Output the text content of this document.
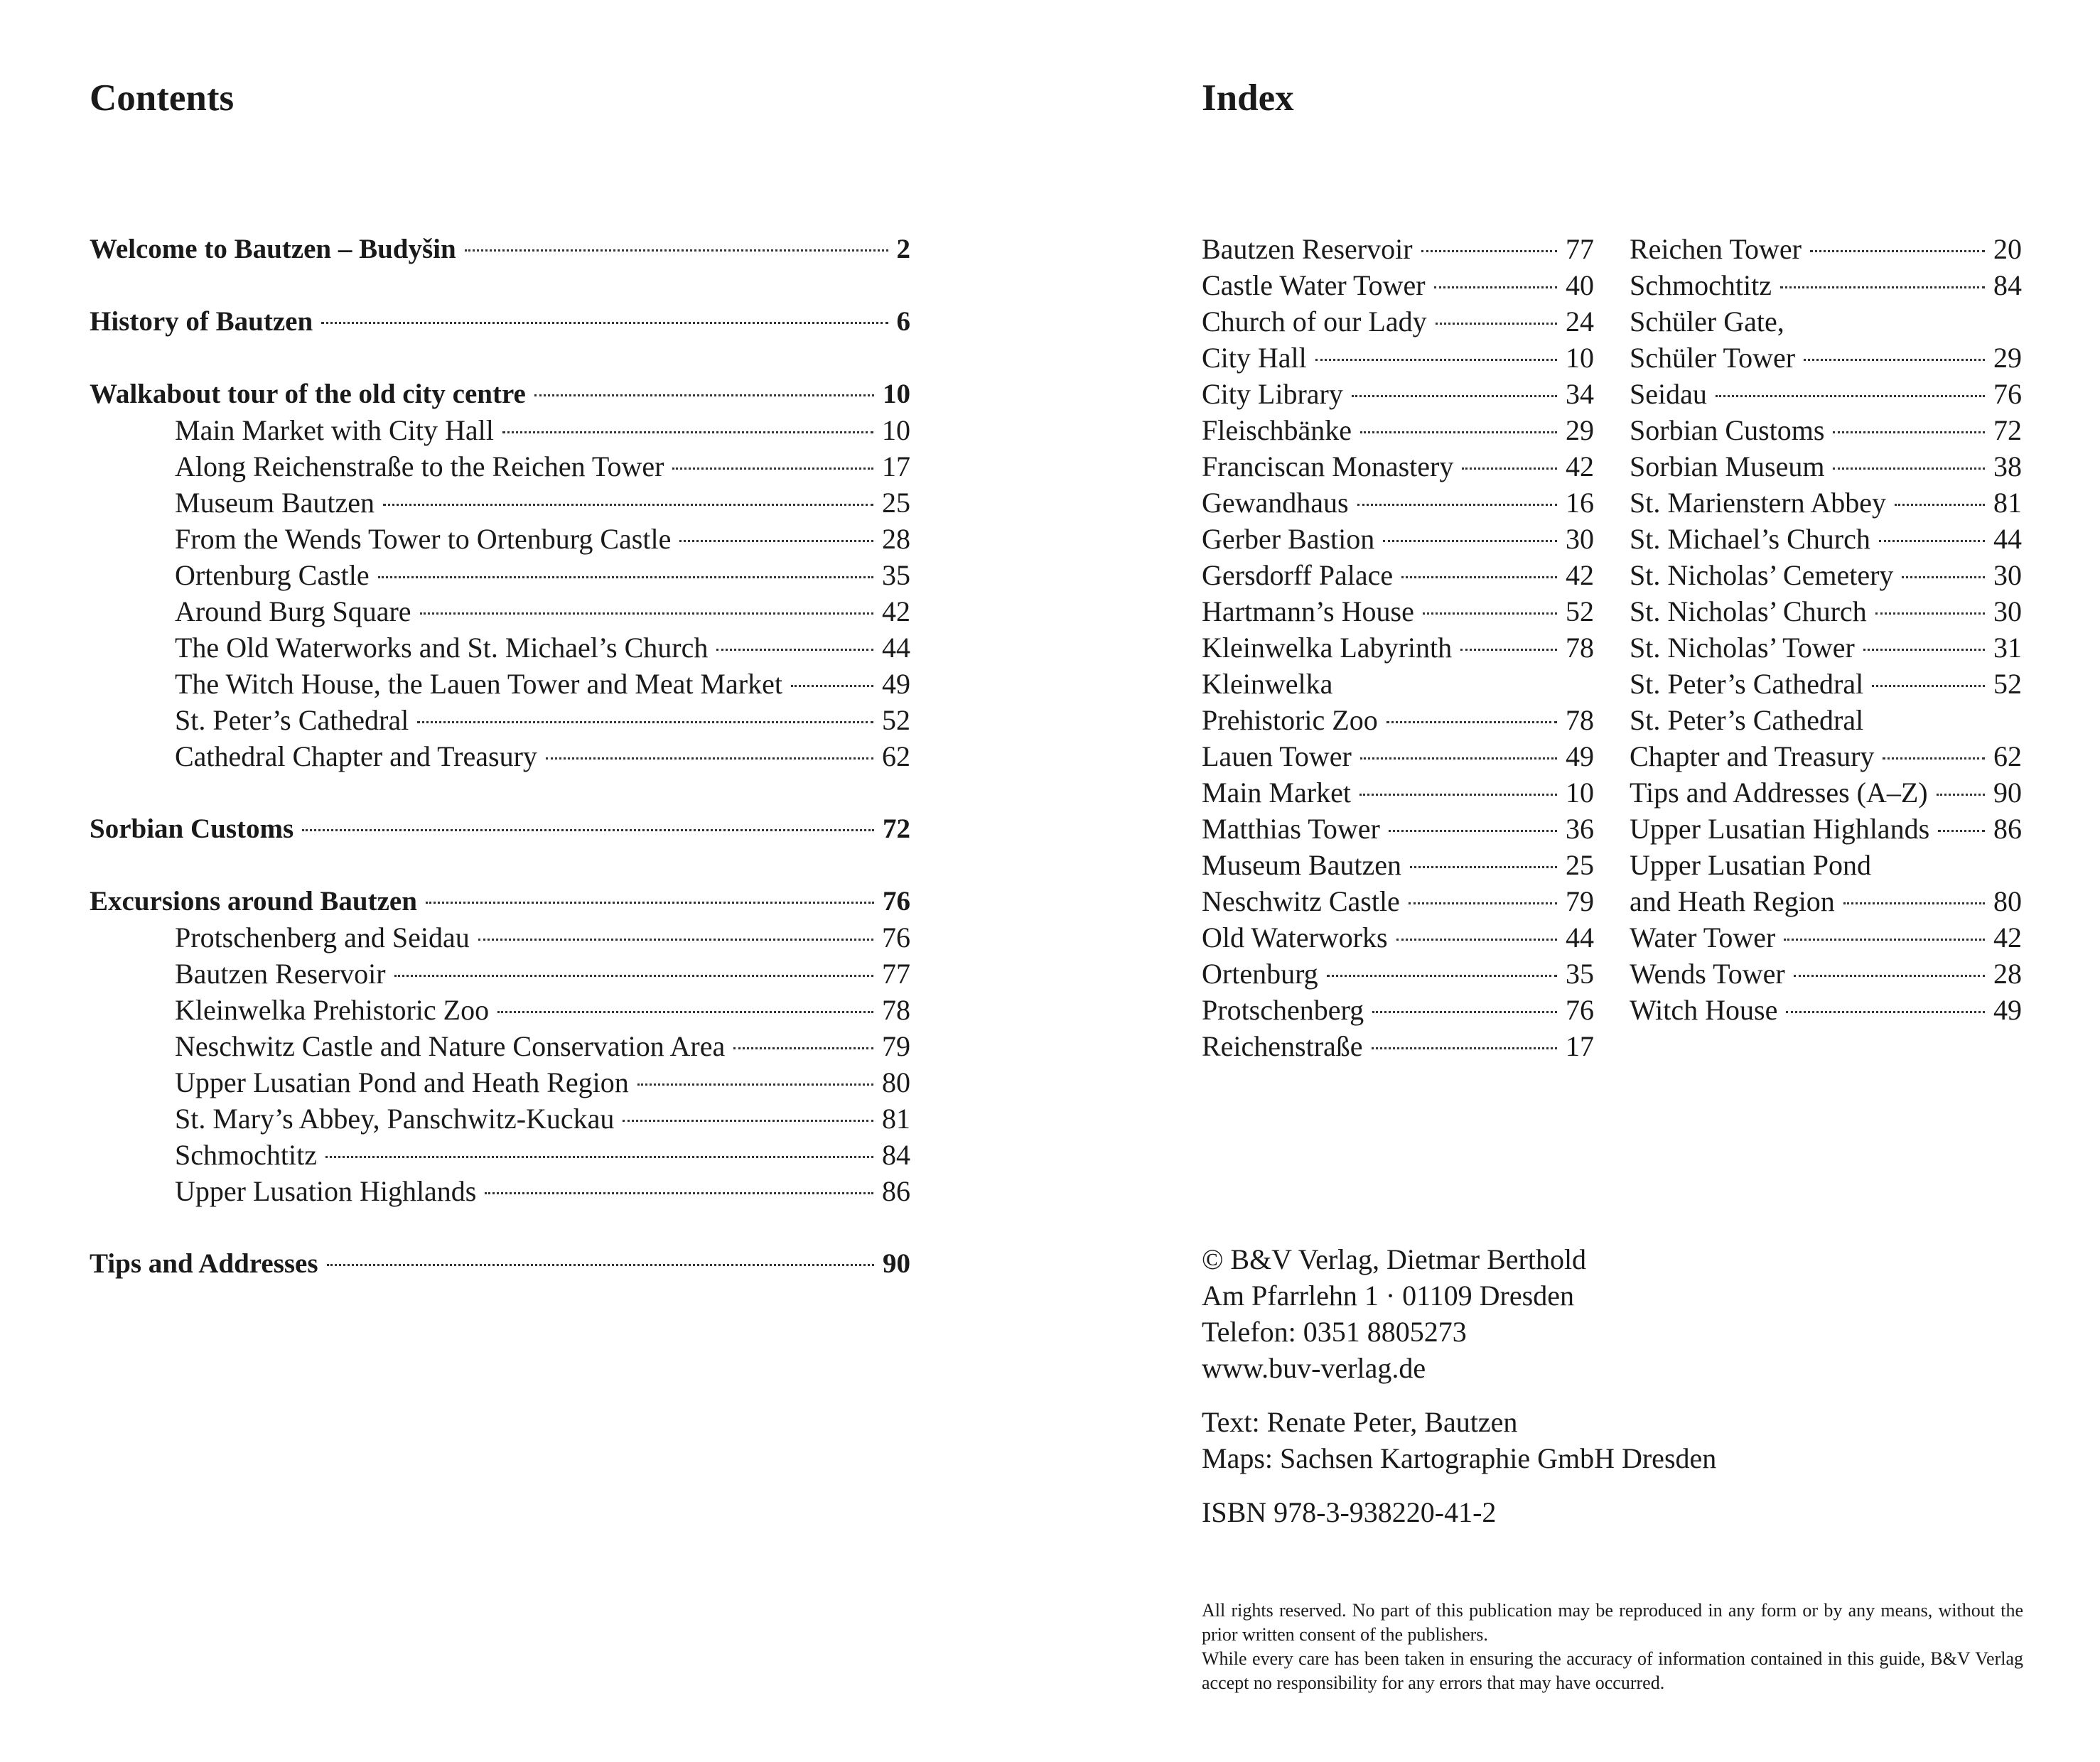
Contents
Welcome to Bautzen – Budyšin	2
History of Bautzen	6
Walkabout tour of the old city centre	10
Main Market with City Hall	10
Along Reichenstraße to the Reichen Tower	17
Museum Bautzen	25
From the Wends Tower to Ortenburg Castle	28
Ortenburg Castle	35
Around Burg Square	42
The Old Waterworks and St. Michael’s Church	44
The Witch House, the Lauen Tower and Meat Market	49
St. Peter’s Cathedral	52
Cathedral Chapter and Treasury	62
Sorbian Customs	72
Excursions around Bautzen	76
Protschenberg and Seidau	76
Bautzen Reservoir	77
Kleinwelka Prehistoric Zoo	78
Neschwitz Castle and Nature Conservation Area	79
Upper Lusatian Pond and Heath Region	80
St. Mary’s Abbey, Panschwitz-Kuckau	81
Schmochtitz	84
Upper Lusation Highlands	86
Tips and Addresses	90
Index
Bautzen Reservoir	77
Castle Water Tower	40
Church of our Lady	24
City Hall	10
City Library	34
Fleischbänke	29
Franciscan Monastery	42
Gewandhaus	16
Gerber Bastion	30
Gersdorff Palace	42
Hartmann’s House	52
Kleinwelka Labyrinth	78
Kleinwelka
Prehistoric Zoo	78
Lauen Tower	49
Main Market	10
Matthias Tower	36
Museum Bautzen	25
Neschwitz Castle	79
Old Waterworks	44
Ortenburg	35
Protschenberg	76
Reichenstraße	17
Reichen Tower	20
Schmochtitz	84
Schüler Gate,
Schüler Tower	29
Seidau	76
Sorbian Customs	72
Sorbian Museum	38
St. Marienstern Abbey	81
St. Michael’s Church	44
St. Nicholas’ Cemetery	30
St. Nicholas’ Church	30
St. Nicholas’ Tower	31
St. Peter’s Cathedral	52
St. Peter’s Cathedral
Chapter and Treasury	62
Tips and Addresses (A–Z) 90
Upper Lusatian Highlands 86
Upper Lusatian Pond
and Heath Region	80
Water Tower	42
Wends Tower	28
Witch House	49

© B&V Verlag, Dietmar Berthold
Am Pfarrlehn 1 · 01109 Dresden
Telefon: 0351 8805273
www.buv-verlag.de

Text: Renate Peter, Bautzen
Maps: Sachsen Kartographie GmbH Dresden

ISBN 978-3-938220-41-2

All rights reserved. No part of this publication may be reproduced in any form or by any means, without the prior written consent of the publishers.

While every care has been taken in ensuring the accuracy of information contained in this guide, B&V Verlag accept no responsibility for any errors that may have occurred.
